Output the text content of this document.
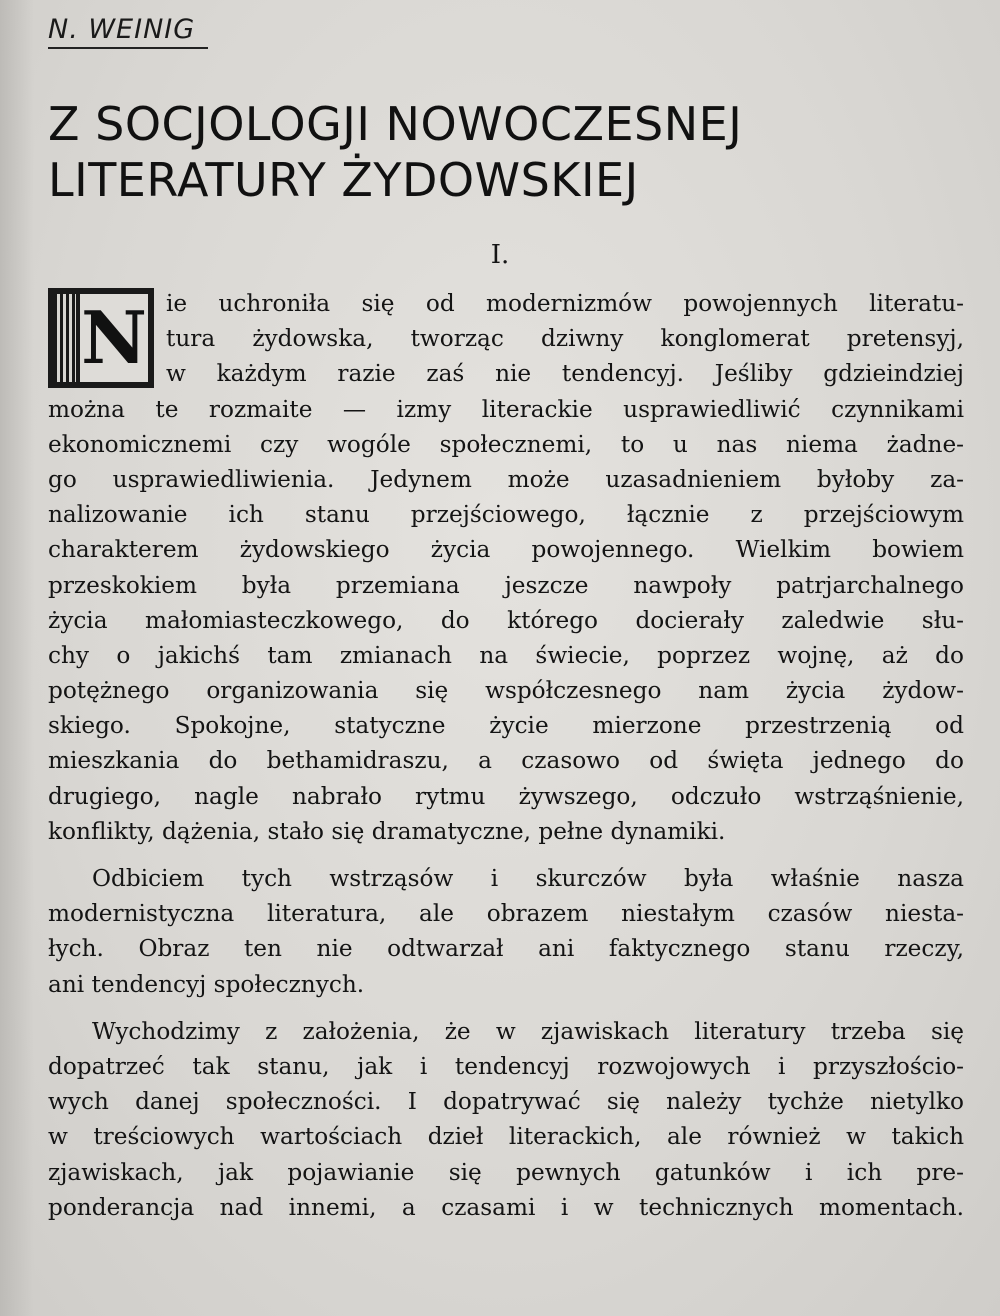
N. WEINIG
Z SOCJOLOGJI NOWOCZESNEJ
LITERATURY ŻYDOWSKIEJ
I.
N ie uchroniła się od modernizmów powojennych literatu-
tura żydowska, tworząc dziwny konglomerat pretensyj,
w każdym razie zaś nie tendencyj. Jeśliby gdzieindziej
można te rozmaite — izmy literackie usprawiedliwić czynnikami
ekonomicznemi czy wogóle społecznemi, to u nas niema żadne-
go usprawiedliwienia. Jedynem może uzasadnieniem byłoby za-
nalizowanie ich stanu przejściowego, łącznie z przejściowym
charakterem żydowskiego życia powojennego. Wielkim bowiem
przeskokiem była przemiana jeszcze nawpoły patrjarchalnego
życia małomiasteczkowego, do którego docierały zaledwie słu-
chy o jakichś tam zmianach na świecie, poprzez wojnę, aż do
potężnego organizowania się współczesnego nam życia żydow-
skiego. Spokojne, statyczne życie mierzone przestrzenią od
mieszkania do bethamidraszu, a czasowo od święta jednego do
drugiego, nagle nabrało rytmu żywszego, odczuło wstrząśnienie,
konflikty, dążenia, stało się dramatyczne, pełne dynamiki.
Odbiciem tych wstrząsów i skurczów była właśnie nasza
modernistyczna literatura, ale obrazem niestałym czasów niesta-
łych. Obraz ten nie odtwarzał ani faktycznego stanu rzeczy,
ani tendencyj społecznych.
Wychodzimy z założenia, że w zjawiskach literatury trzeba się
dopatrzeć tak stanu, jak i tendencyj rozwojowych i przyszłościo-
wych danej społeczności. I dopatrywać się należy tychże nietylko
w treściowych wartościach dzieł literackich, ale również w takich
zjawiskach, jak pojawianie się pewnych gatunków i ich pre-
ponderancja nad innemi, a czasami i w technicznych momentach.
